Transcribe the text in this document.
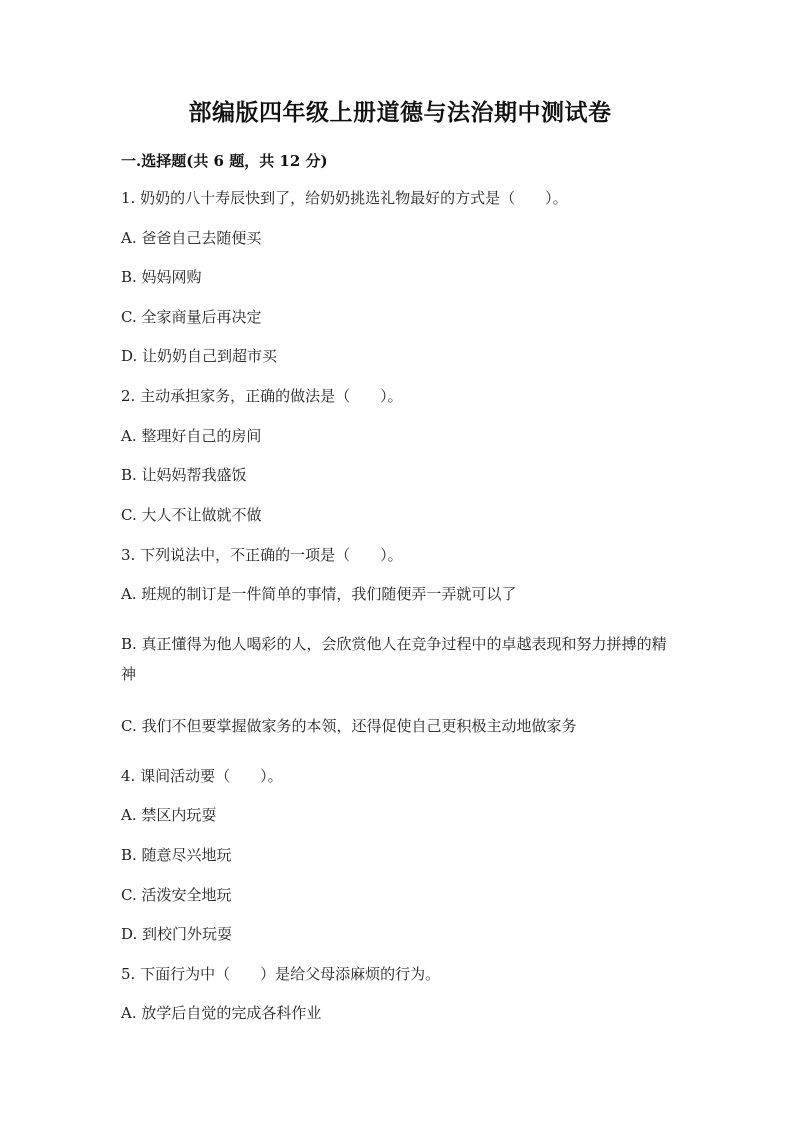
部编版四年级上册道德与法治期中测试卷
一.选择题(共 6 题，共 12 分)
1. 奶奶的八十寿辰快到了，给奶奶挑选礼物最好的方式是（　　）。
A. 爸爸自己去随便买
B. 妈妈网购
C. 全家商量后再决定
D. 让奶奶自己到超市买
2. 主动承担家务，正确的做法是（　　）。
A. 整理好自己的房间
B. 让妈妈帮我盛饭
C. 大人不让做就不做
3. 下列说法中，不正确的一项是（　　）。
A. 班规的制订是一件简单的事情，我们随便弄一弄就可以了
B. 真正懂得为他人喝彩的人，会欣赏他人在竞争过程中的卓越表现和努力拼搏的精神
C. 我们不但要掌握做家务的本领，还得促使自己更积极主动地做家务
4. 课间活动要（　　）。
A. 禁区内玩耍
B. 随意尽兴地玩
C. 活泼安全地玩
D. 到校门外玩耍
5. 下面行为中（　　）是给父母添麻烦的行为。
A. 放学后自觉的完成各科作业
